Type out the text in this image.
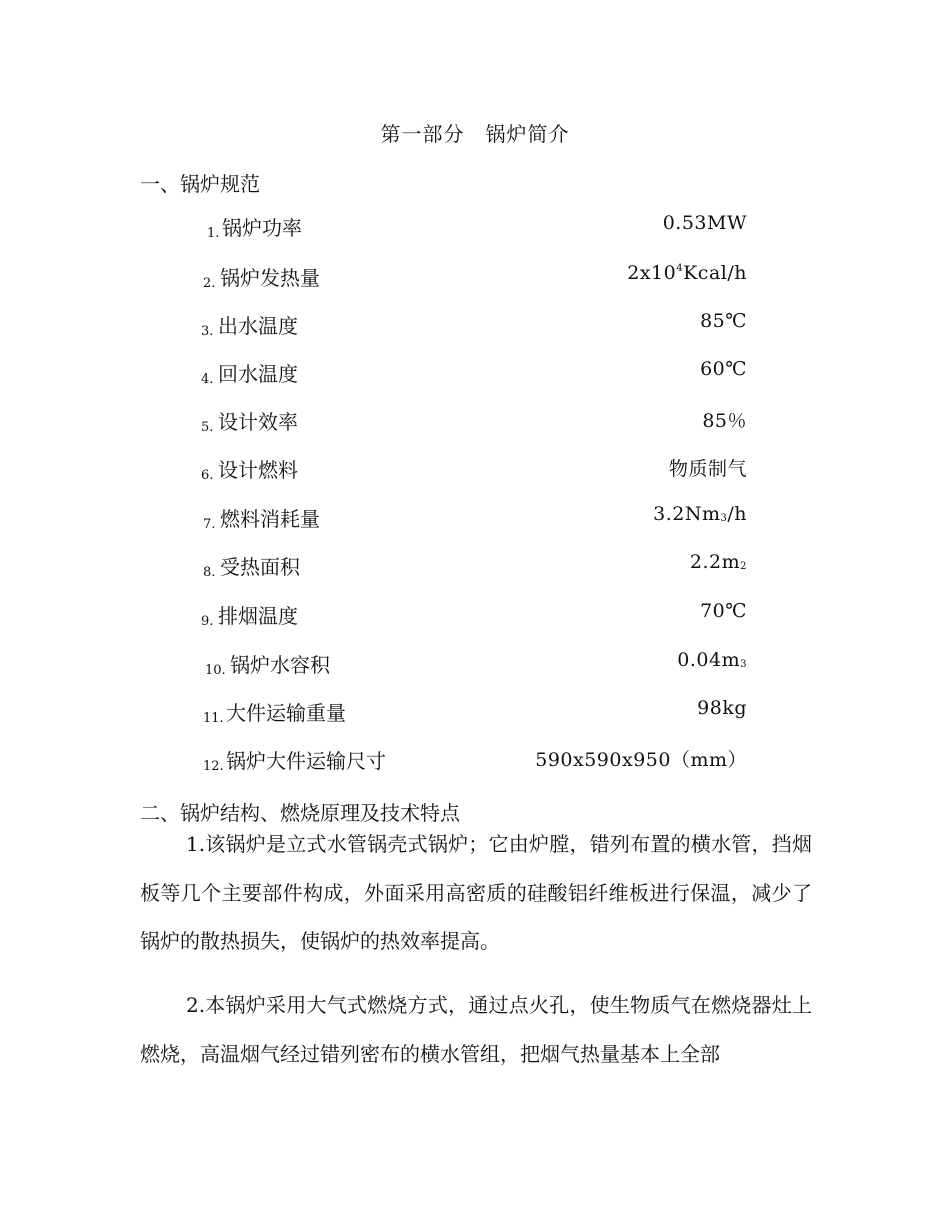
第一部分　锅炉简介
一、锅炉规范
1. 锅炉功率	0.53MW
2. 锅炉发热量	$2x10^4Kcal/h$
3. 出水温度	85℃
4. 回水温度	60℃
5. 设计效率	85％
6. 设计燃料	物质制气
7. 燃料消耗量	$3.2Nm_3/h$
8. 受热面积	$2.2m_2$
9. 排烟温度	70℃
10. 锅炉水容积	$0.04m_3$
11. 大件运输重量	98kg
12. 锅炉大件运输尺寸	590x590x950（mm）
二、锅炉结构、燃烧原理及技术特点
1.该锅炉是立式水管锅壳式锅炉；它由炉膛，错列布置的横水管，挡烟板等几个主要部件构成，外面采用高密质的硅酸铝纤维板进行保温，减少了锅炉的散热损失，使锅炉的热效率提高。
2.本锅炉采用大气式燃烧方式，通过点火孔，使生物质气在燃烧器灶上燃烧，高温烟气经过错列密布的横水管组，把烟气热量基本上全部
